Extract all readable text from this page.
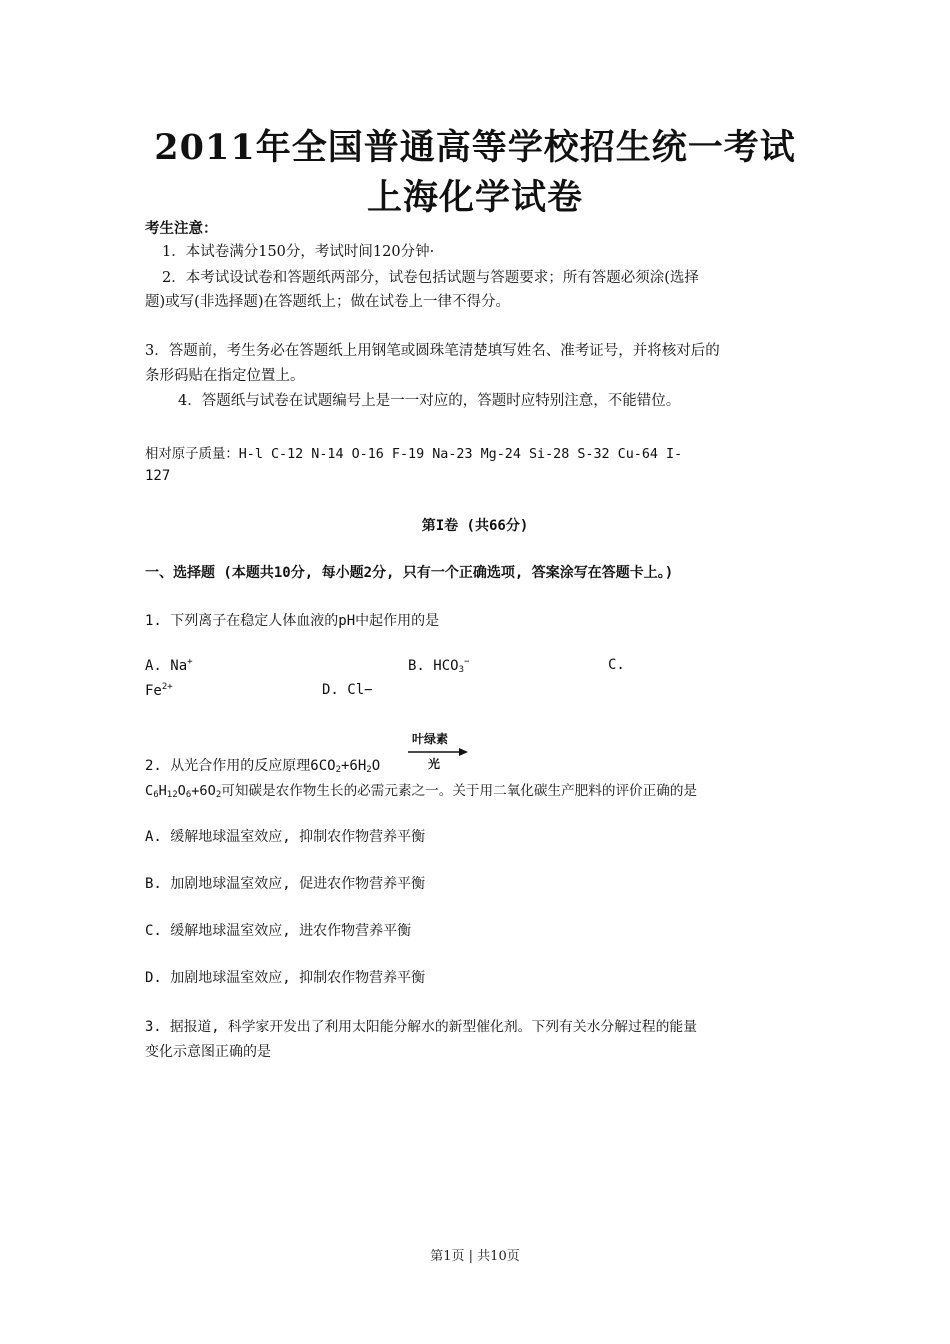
2011年全国普通高等学校招生统一考试
上海化学试卷
考生注意：
1．本试卷满分150分，考试时间120分钟·
2．本考试设试卷和答题纸两部分，试卷包括试题与答题要求；所有答题必须涂(选择
题)或写(非选择题)在答题纸上；做在试卷上一律不得分。
3．答题前，考生务必在答题纸上用钢笔或圆珠笔清楚填写姓名、准考证号，并将核对后的
条形码贴在指定位置上。
4．答题纸与试卷在试题编号上是一一对应的，答题时应特别注意，不能错位。
相对原子质量：H-l C-12 N-14 O-16 F-19 Na-23 Mg-24 Si-28 S-32 Cu-64 I-
127
第I卷 (共66分)
一、选择题 (本题共10分, 每小题2分, 只有一个正确选项, 答案涂写在答题卡上。)
1. 下列离子在稳定人体血液的pH中起作用的是
A. Na+	B. $HCO_3^-$	C.
$Fe^{2+}$	D. Cl−
2. 从光合作用的反应原理$6CO_2+6H_2O$
叶绿素
光
$C_6H_{12}O_6+6O_2$可知碳是农作物生长的必需元素之一。关于用二氧化碳生产肥料的评价正确的是
A. 缓解地球温室效应, 抑制农作物营养平衡
B. 加剧地球温室效应, 促进农作物营养平衡
C. 缓解地球温室效应, 进农作物营养平衡
D. 加剧地球温室效应, 抑制农作物营养平衡
3. 据报道, 科学家开发出了利用太阳能分解水的新型催化剂。下列有关水分解过程的能量
变化示意图正确的是
第1页 | 共10页
